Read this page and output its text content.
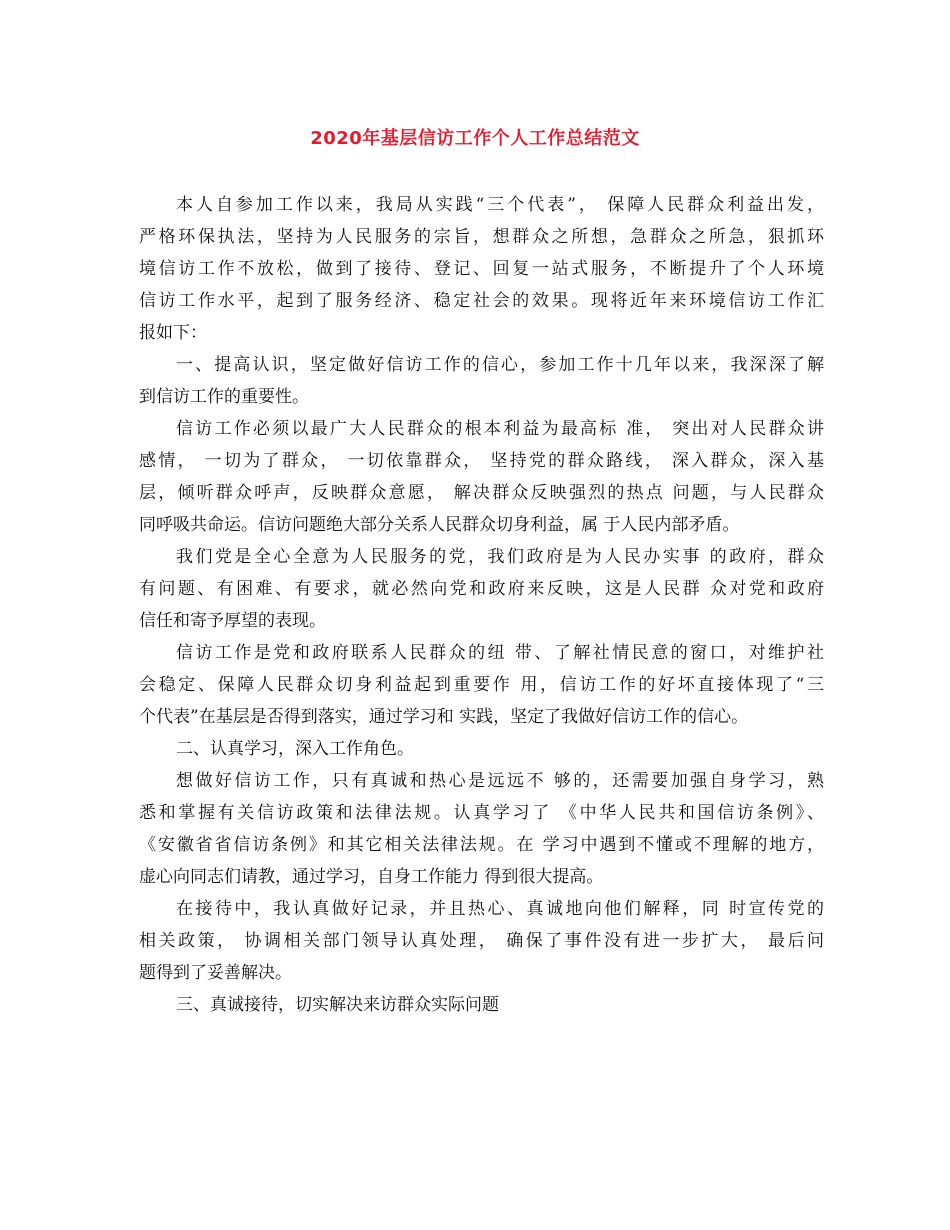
2020年基层信访工作个人工作总结范文
本人自参加工作以来，我局从实践“三个代表”， 保障人民群众利益出发，
严格环保执法，坚持为人民服务的宗旨，想群众之所想，急群众之所急，狠抓环
境信访工作不放松，做到了接待、登记、回复一站式服务，不断提升了个人环境
信访工作水平，起到了服务经济、稳定社会的效果。现将近年来环境信访工作汇
报如下：
一、提高认识，坚定做好信访工作的信心，参加工作十几年以来，我深深了解
到信访工作的重要性。
信访工作必须以最广大人民群众的根本利益为最高标 准， 突出对人民群众讲
感情， 一切为了群众， 一切依靠群众， 坚持党的群众路线， 深入群众，深入基
层，倾听群众呼声，反映群众意愿， 解决群众反映强烈的热点 问题，与人民群众
同呼吸共命运。信访问题绝大部分关系人民群众切身利益，属 于人民内部矛盾。
我们党是全心全意为人民服务的党，我们政府是为人民办实事 的政府，群众
有问题、有困难、有要求，就必然向党和政府来反映，这是人民群 众对党和政府
信任和寄予厚望的表现。
信访工作是党和政府联系人民群众的纽 带、了解社情民意的窗口，对维护社
会稳定、保障人民群众切身利益起到重要作 用，信访工作的好坏直接体现了“三
个代表”在基层是否得到落实，通过学习和 实践，坚定了我做好信访工作的信心。
二、认真学习，深入工作角色。
想做好信访工作，只有真诚和热心是远远不 够的，还需要加强自身学习，熟
悉和掌握有关信访政策和法律法规。认真学习了 《中华人民共和国信访条例》、
《安徽省省信访条例》和其它相关法律法规。在 学习中遇到不懂或不理解的地方，
虚心向同志们请教，通过学习，自身工作能力 得到很大提高。
在接待中，我认真做好记录，并且热心、真诚地向他们解释，同 时宣传党的
相关政策， 协调相关部门领导认真处理， 确保了事件没有进一步扩大， 最后问
题得到了妥善解决。
三、真诚接待，切实解决来访群众实际问题
